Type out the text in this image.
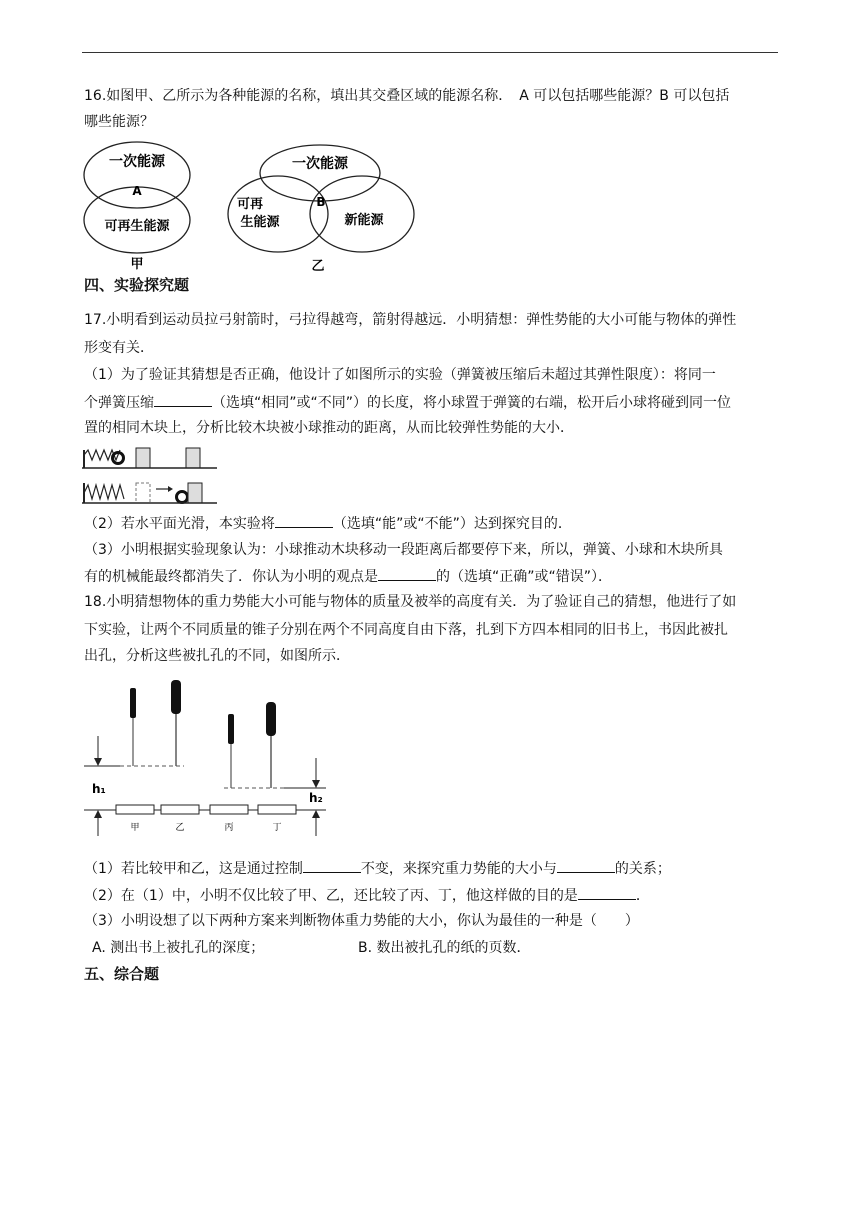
16.如图甲、乙所示为各种能源的名称，填出其交叠区域的能源名称．　A 可以包括哪些能源？B 可以包括
哪些能源？
一次能源
A
可再生能源
甲
一次能源
可再
生能源
B
新能源
乙
四、实验探究题
17.小明看到运动员拉弓射箭时，弓拉得越弯，箭射得越远．小明猜想：弹性势能的大小可能与物体的弹性
形变有关．
（1）为了验证其猜想是否正确，他设计了如图所示的实验（弹簧被压缩后未超过其弹性限度）：将同一
个弹簧压缩	（选填“相同”或“不同”）的长度，将小球置于弹簧的右端，松开后小球将碰到同一位
置的相同木块上，分析比较木块被小球推动的距离，从而比较弹性势能的大小．
（2）若水平面光滑，本实验将	（选填“能”或“不能”）达到探究目的．
（3）小明根据实验现象认为：小球推动木块移动一段距离后都要停下来，所以，弹簧、小球和木块所具
有的机械能最终都消失了．你认为小明的观点是	的（选填“正确”或“错误”）．
18.小明猜想物体的重力势能大小可能与物体的质量及被举的高度有关．为了验证自己的猜想，他进行了如
下实验，让两个不同质量的锥子分别在两个不同高度自由下落，扎到下方四本相同的旧书上，书因此被扎
出孔，分析这些被扎孔的不同，如图所示．
h₁
h₂
甲	乙	丙	丁
（1）若比较甲和乙，这是通过控制	不变，来探究重力势能的大小与	的关系；
（2）在（1）中，小明不仅比较了甲、乙，还比较了丙、丁，他这样做的目的是	．
（3）小明设想了以下两种方案来判断物体重力势能的大小，你认为最佳的一种是（　　）
A. 测出书上被扎孔的深度；	B. 数出被扎孔的纸的页数．
五、综合题
